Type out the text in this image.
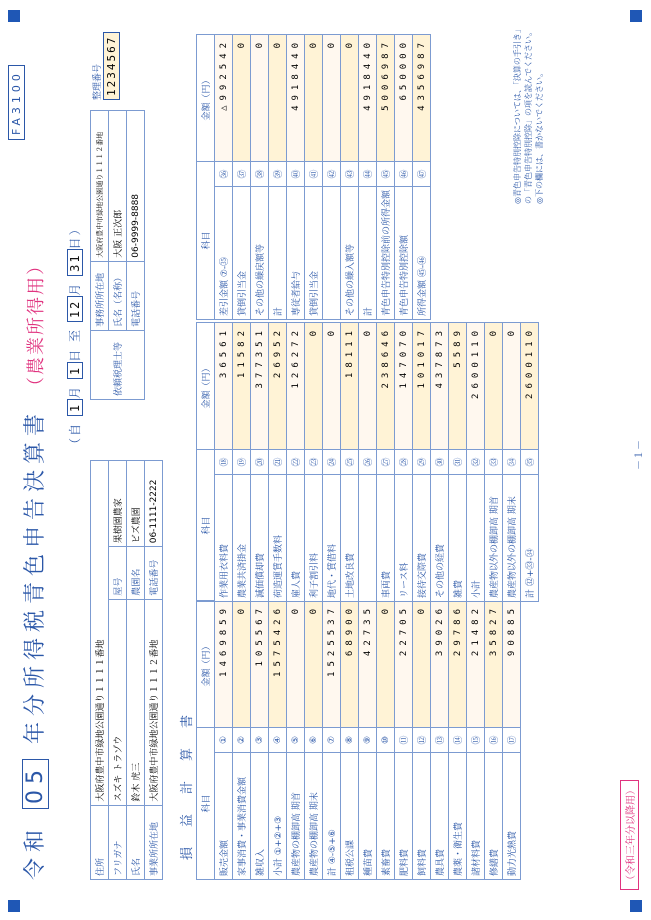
令和 05 年分所得税青色申告決算書 （農業所得用）
FA3100
（自 1月 1日 至 12月 31日）
住所	大阪府豊中市緑地公園通り１１１１番地		
フリガナ	スズキ トラゾウ	屋号	果樹園農家
氏名	鈴木 虎三	農園名	ビズ農園
事業所所在地	大阪府豊中市緑地公園通り１１１２番地	電話番号	06-1111-2222
依頼税理士等	事務所所在地	大阪府豊中市緑地公園通り１１１２番地
	氏名（名称）	大阪 正次郎
	電話番号	06-9999-8888
整理番号 1234567
損益計算書 科目		金額（円）
販売金額	①	1469859
家事消費・事業消費金額	②	0
雑収入	③	105567
小計 ①+②+③	④	1575426
農産物の棚卸高 期首	⑤	0
農産物の棚卸高 期末	⑥	0
計 ④-⑤+⑥	⑦	1525537
租税公課	⑧	68900
種苗費	⑨	42735
素畜費	⑩	0
肥料費	⑪	22705
飼料費	⑫	0
農具費	⑬	39026
農薬・衛生費	⑭	29786
諸材料費	⑮	21482
修繕費	⑯	35827
動力光熱費	⑰	90885
科目		金額（円）
作業用衣料費	⑱	36561
農業共済掛金	⑲	11582
減価償却費	⑳	377351
荷造運賃手数料	㉑	26952
雇人費	㉒	126272
利子割引料	㉓	0
地代・賃借料	㉔	0
土地改良費	㉕	18111
	㉖	0
車両費	㉗	238646
リース料	㉘	147070
接待交際費	㉙	101017
その他の経費	㉚	437873
雑費	㉛	5589
小計	㉜	2600110
農産物以外の棚卸高 期首	㉝	0
農産物以外の棚卸高 期末	㉞	0
計 ㉜+㉝-㉞	㉟	2600110
科目		金額（円）
差引金額 ⑦-㉟	㊱	△992542
貸倒引当金	㊲	0
その他の繰戻額等	㊳	0
計	㊴	0
専従者給与	㊵	4918440
貸倒引当金	㊶	0
	㊷	0
その他の繰入額等	㊸	0
計	㊹	4918440
青色申告特別控除前の所得金額	㊺	5006987
青色申告特別控除額	㊻	650000
所得金額 ㊺-㊻	㊼	4356987	◎青色申告特別控除については、「決算の手引き」の「青色申告特別控除」の項を読んでください。 ◎下の欄には、書かないでください。
（令和三年分以降用）
－１－
